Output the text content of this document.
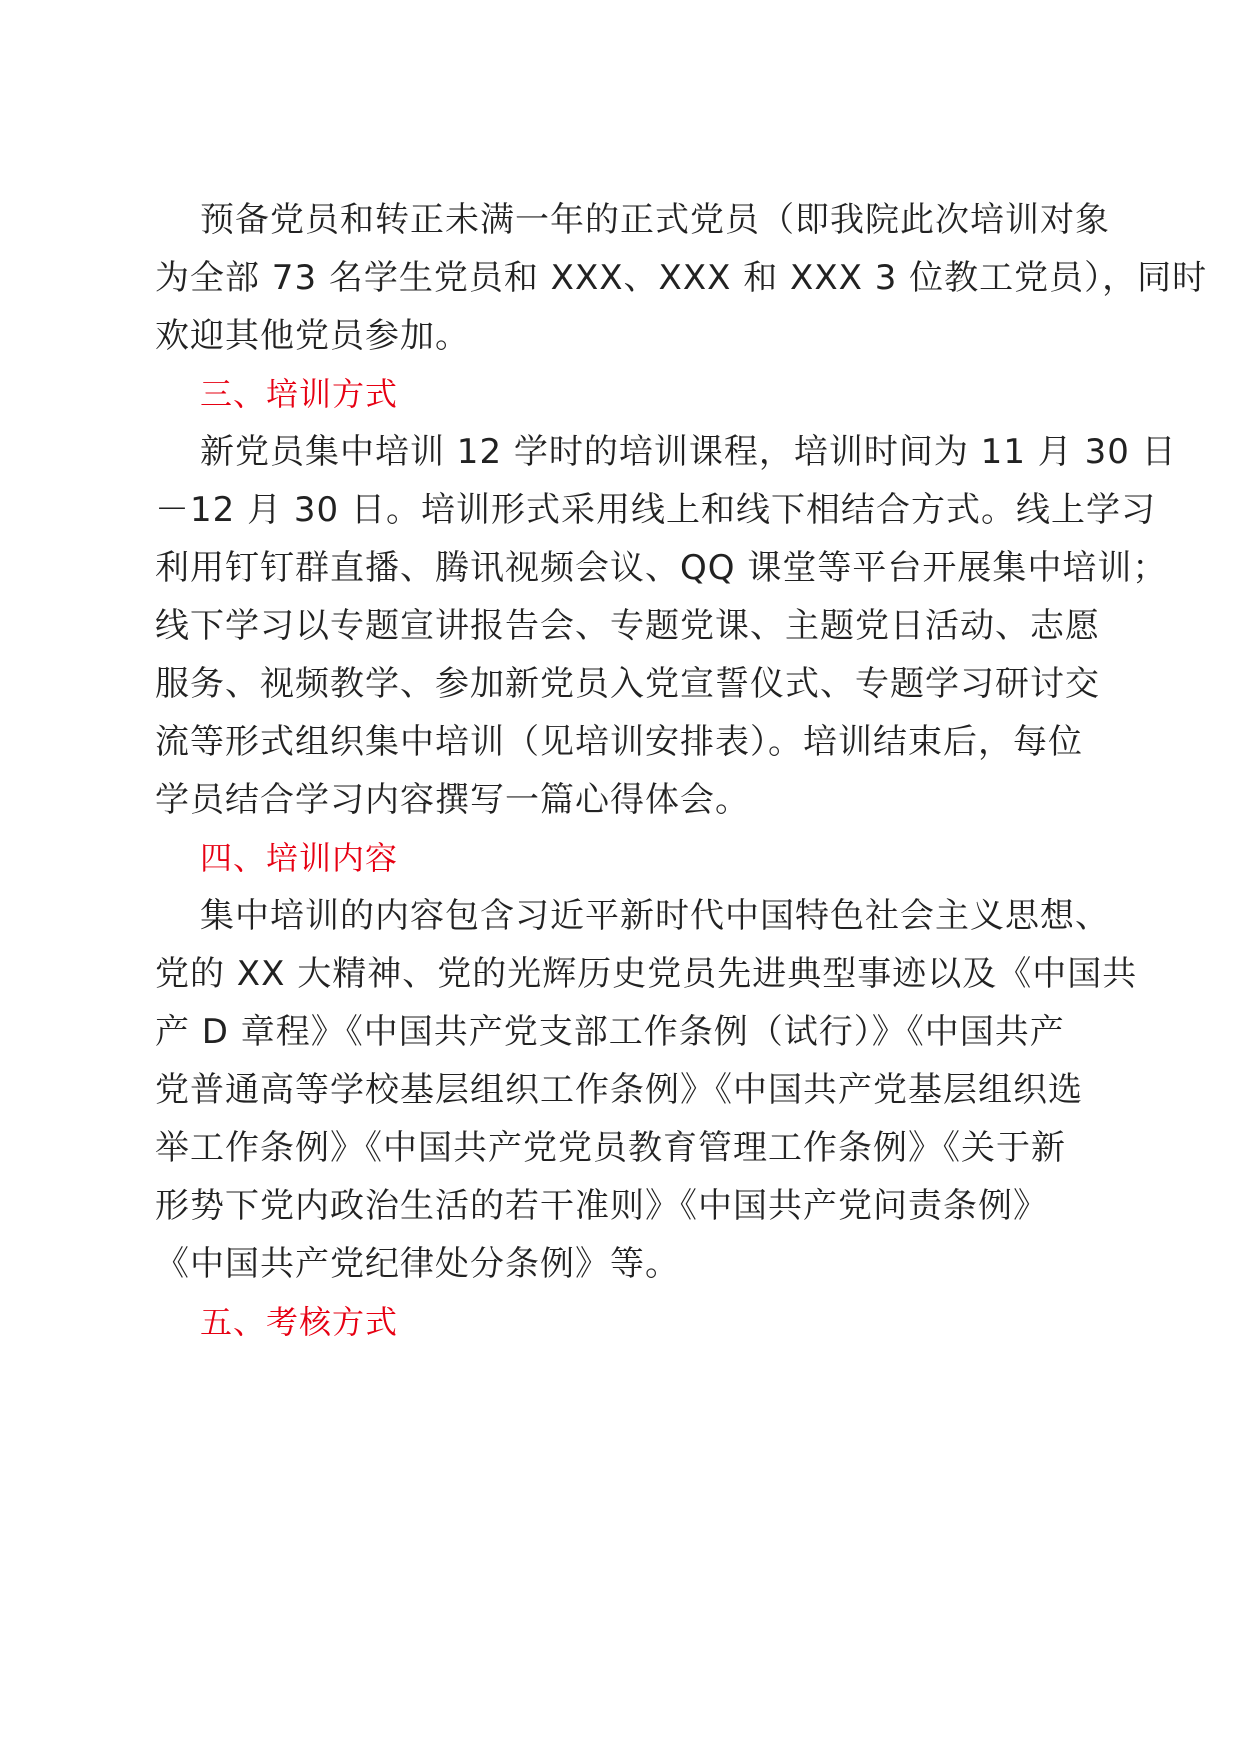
预备党员和转正未满一年的正式党员（即我院此次培训对象
为全部 73 名学生党员和 XXX、XXX 和 XXX 3 位教工党员），同时
欢迎其他党员参加。
三、培训方式
新党员集中培训 12 学时的培训课程，培训时间为 11 月 30 日
－12 月 30 日。培训形式采用线上和线下相结合方式。线上学习
利用钉钉群直播、腾讯视频会议、QQ 课堂等平台开展集中培训；
线下学习以专题宣讲报告会、专题党课、主题党日活动、志愿
服务、视频教学、参加新党员入党宣誓仪式、专题学习研讨交
流等形式组织集中培训（见培训安排表）。培训结束后，每位
学员结合学习内容撰写一篇心得体会。
四、培训内容
集中培训的内容包含习近平新时代中国特色社会主义思想、
党的 XX 大精神、党的光辉历史党员先进典型事迹以及《中国共
产 D 章程》《中国共产党支部工作条例（试行）》《中国共产
党普通高等学校基层组织工作条例》《中国共产党基层组织选
举工作条例》《中国共产党党员教育管理工作条例》《关于新
形势下党内政治生活的若干准则》《中国共产党问责条例》
《中国共产党纪律处分条例》等。
五、考核方式
